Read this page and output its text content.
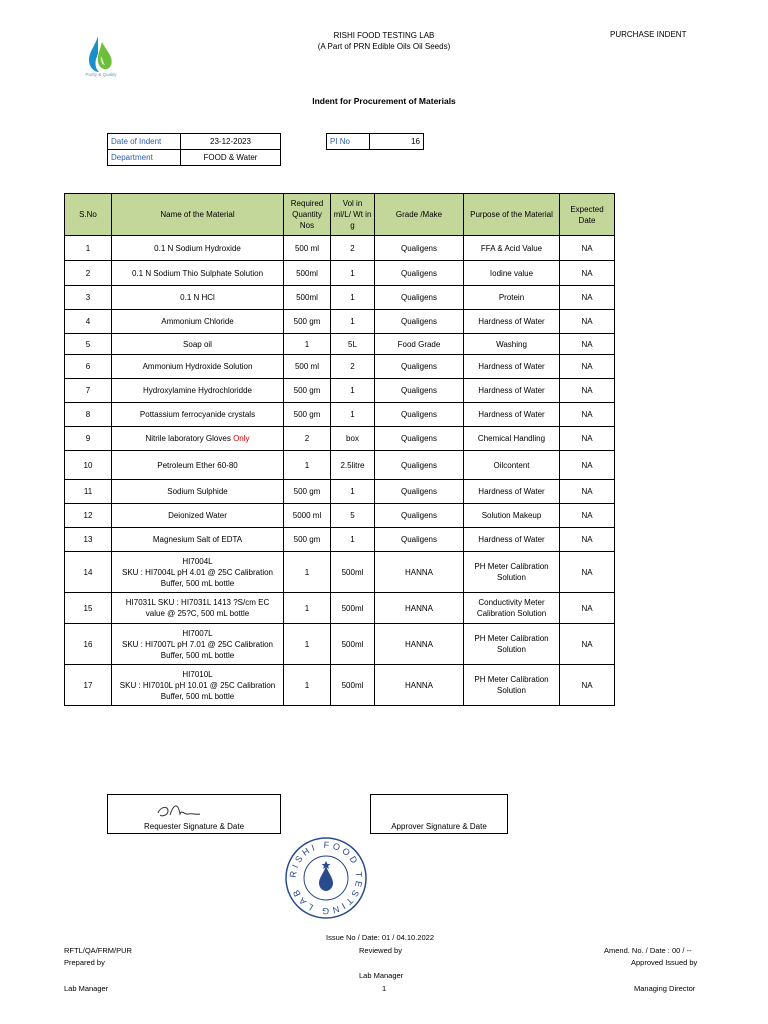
Purity & Quality
RISHI FOOD TESTING LAB
(A Part of PRN Edible Oils Oil Seeds)
PURCHASE INDENT
Indent for Procurement of Materials
Date of Indent	23-12-2023
Department	FOOD & Water
PI No	16
S.No	Name of the Material	Required Quantity Nos	Vol in ml/L/ Wt in g	Grade /Make	Purpose of the Material	Expected Date
1	0.1 N Sodium Hydroxide	500 ml	2	Qualigens	FFA & Acid Value	NA
2	0.1 N Sodium Thio Sulphate Solution	500ml	1	Qualigens	Iodine value	NA
3	0.1 N HCl	500ml	1	Qualigens	Protein	NA
4	Ammonium Chloride	500 gm	1	Qualigens	Hardness of Water	NA
5	Soap oil	1	5L	Food Grade	Washing	NA
6	Ammonium Hydroxide Solution	500 ml	2	Qualigens	Hardness of Water	NA
7	Hydroxylamine Hydrochloridde	500 gm	1	Qualigens	Hardness of Water	NA
8	Pottassium ferrocyanide crystals	500 gm	1	Qualigens	Hardness of Water	NA
9	Nitrile laboratory Gloves Only	2	box	Qualigens	Chemical Handling	NA
10	Petroleum Ether 60-80	1	2.5litre	Qualigens	Oilcontent	NA
11	Sodium Sulphide	500 gm	1	Qualigens	Hardness of Water	NA
12	Deionized Water	5000 ml	5	Qualigens	Solution Makeup	NA
13	Magnesium Salt of EDTA	500 gm	1	Qualigens	Hardness of Water	NA
14	HI7004L
SKU : HI7004L pH 4.01 @ 25C Calibration
Buffer, 500 mL bottle	1	500ml	HANNA	PH Meter Calibration
Solution	NA
15	HI7031L SKU : HI7031L 1413 ?S/cm EC
value @ 25?C, 500 mL bottle	1	500ml	HANNA	Conductivity Meter
Calibration Solution	NA
16	HI7007L
SKU : HI7007L pH 7.01 @ 25C Calibration
Buffer, 500 mL bottle	1	500ml	HANNA	PH Meter Calibration
Solution	NA
17	HI7010L
SKU : HI7010L pH 10.01 @ 25C Calibration
Buffer, 500 mL bottle	1	500ml	HANNA	PH Meter Calibration
Solution	NA
Requester Signature & Date	Approver Signature & Date
RISHI FOOD TESTING LAB
Issue No / Date: 01 / 04.10.2022
RFTL/QA/FRM/PUR	Reviewed by	Amend. No. / Date : 00 / --
Prepared by	Approved Issued by
Lab Manager
Lab Manager	1	Managing Director
